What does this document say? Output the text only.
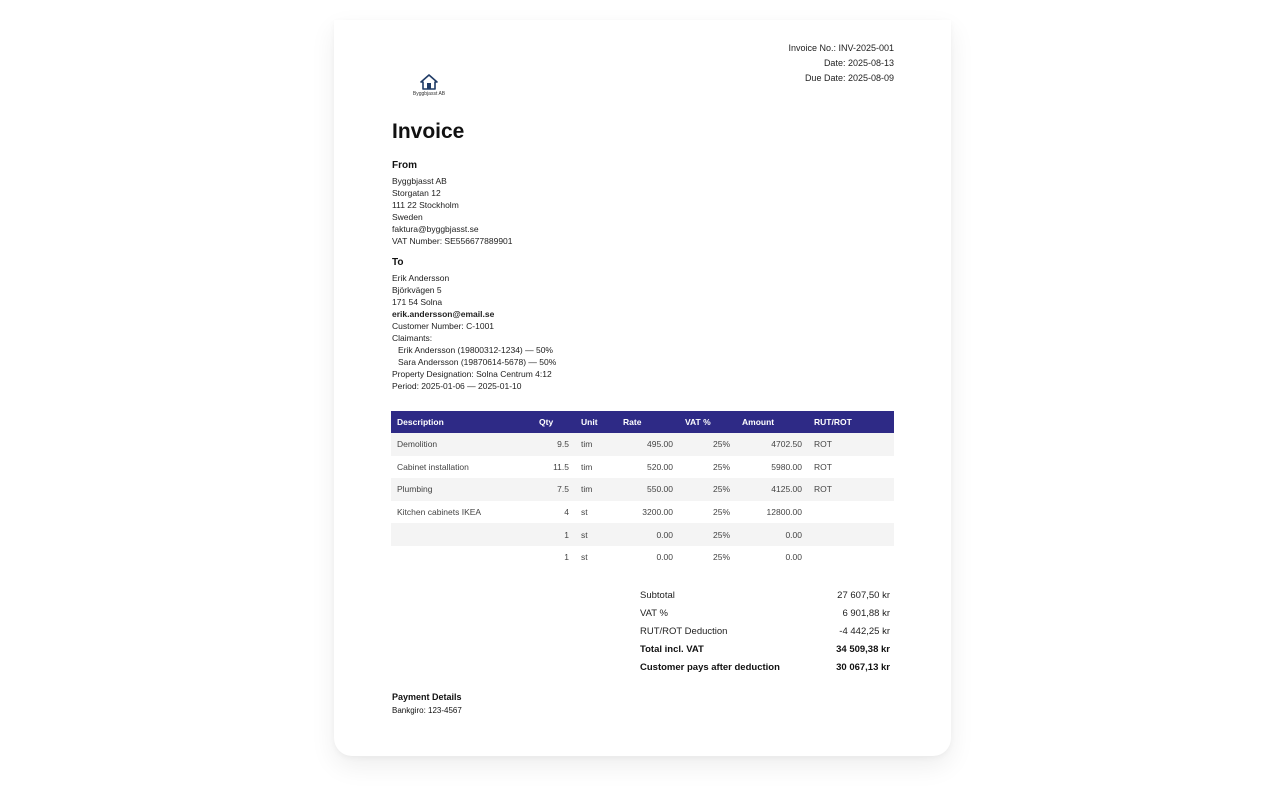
Invoice No.: INV-2025-001
Date: 2025-08-13
Due Date: 2025-08-09
Byggbjasst AB
Invoice
From
Byggbjasst AB
Storgatan 12
111 22 Stockholm
Sweden
faktura@byggbjasst.se
VAT Number: SE556677889901
To
Erik Andersson
Björkvägen 5
171 54 Solna
erik.andersson@email.se
Customer Number: C-1001
Claimants:
Erik Andersson (19800312-1234) — 50%
Sara Andersson (19870614-5678) — 50%
Property Designation: Solna Centrum 4:12
Period: 2025-01-06 — 2025-01-10
Description	Qty	Unit	Rate	VAT %	Amount	RUT/ROT
Demolition	9.5	tim	495.00	25%	4702.50	ROT
Cabinet installation	11.5	tim	520.00	25%	5980.00	ROT
Plumbing	7.5	tim	550.00	25%	4125.00	ROT
Kitchen cabinets IKEA	4	st	3200.00	25%	12800.00	
	1	st	0.00	25%	0.00	
	1	st	0.00	25%	0.00	
Subtotal	27 607,50 kr
VAT %	6 901,88 kr
RUT/ROT Deduction	-4 442,25 kr
Total incl. VAT	34 509,38 kr
Customer pays after deduction	30 067,13 kr
Payment Details
Bankgiro: 123-4567
